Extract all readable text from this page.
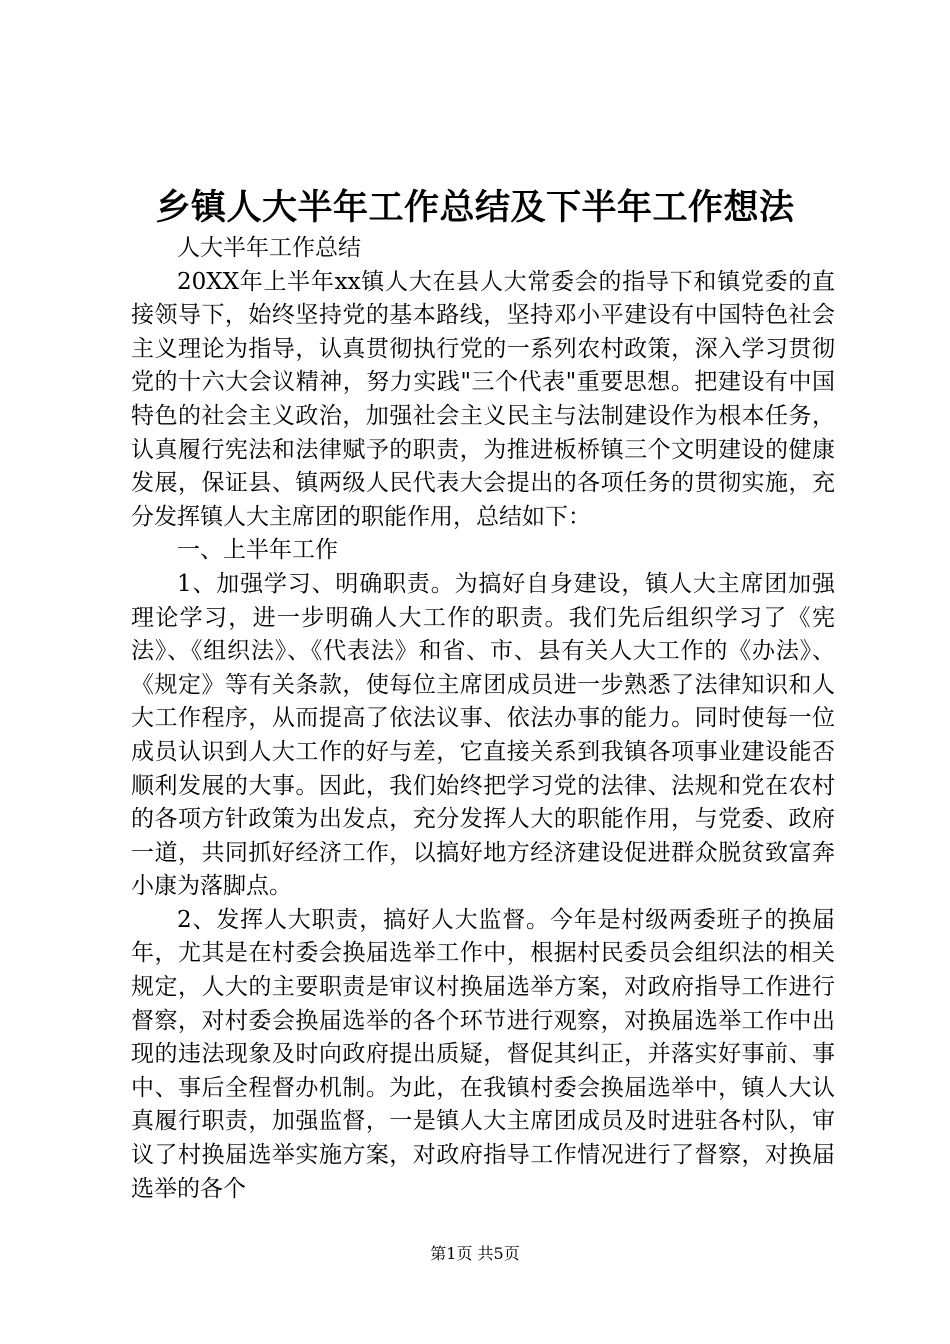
乡镇人大半年工作总结及下半年工作想法

人大半年工作总结

20XX年上半年xx镇人大在县人大常委会的指导下和镇党委的直接领导下，始终坚持党的基本路线，坚持邓小平建设有中国特色社会主义理论为指导，认真贯彻执行党的一系列农村政策，深入学习贯彻党的十六大会议精神，努力实践"三个代表"重要思想。把建设有中国特色的社会主义政治，加强社会主义民主与法制建设作为根本任务，认真履行宪法和法律赋予的职责，为推进板桥镇三个文明建设的健康发展，保证县、镇两级人民代表大会提出的各项任务的贯彻实施，充分发挥镇人大主席团的职能作用，总结如下：

一、上半年工作

1、加强学习、明确职责。为搞好自身建设，镇人大主席团加强理论学习，进一步明确人大工作的职责。我们先后组织学习了《宪法》、《组织法》、《代表法》和省、市、县有关人大工作的《办法》、《规定》等有关条款，使每位主席团成员进一步熟悉了法律知识和人大工作程序，从而提高了依法议事、依法办事的能力。同时使每一位成员认识到人大工作的好与差，它直接关系到我镇各项事业建设能否顺利发展的大事。因此，我们始终把学习党的法律、法规和党在农村的各项方针政策为出发点，充分发挥人大的职能作用，与党委、政府一道，共同抓好经济工作，以搞好地方经济建设促进群众脱贫致富奔小康为落脚点。

2、发挥人大职责，搞好人大监督。今年是村级两委班子的换届年，尤其是在村委会换届选举工作中，根据村民委员会组织法的相关规定，人大的主要职责是审议村换届选举方案，对政府指导工作进行督察，对村委会换届选举的各个环节进行观察，对换届选举工作中出现的违法现象及时向政府提出质疑，督促其纠正，并落实好事前、事中、事后全程督办机制。为此，在我镇村委会换届选举中，镇人大认真履行职责，加强监督，一是镇人大主席团成员及时进驻各村队，审议了村换届选举实施方案，对政府指导工作情况进行了督察，对换届选举的各个

第1页 共5页
